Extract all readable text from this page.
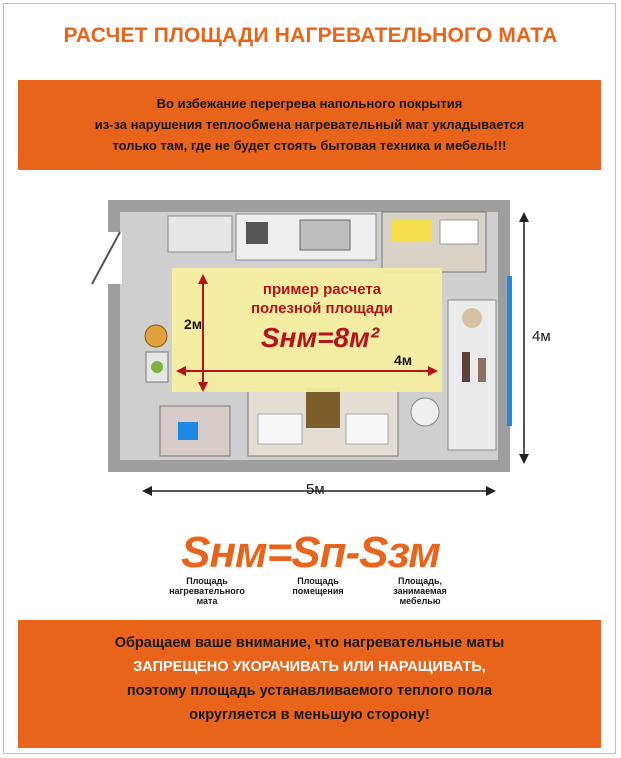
РАСЧЕТ ПЛОЩАДИ НАГРЕВАТЕЛЬНОГО МАТА
Во избежание перегрева напольного покрытия
из-за нарушения теплообмена нагревательный мат укладывается
только там, где не будет стоять бытовая техника и мебель!!!
пример расчета
полезной площади
Sнм=8м²
2м
4м
5м
4м
Sнм=Sп-Sзм
Площадь нагревательного мата
Площадь помещения
Площадь, занимаемая мебелью
Обращаем ваше внимание, что нагревательные маты
ЗАПРЕЩЕНО УКОРАЧИВАТЬ ИЛИ НАРАЩИВАТЬ,
поэтому площадь устанавливаемого теплого пола
округляется в меньшую сторону!
